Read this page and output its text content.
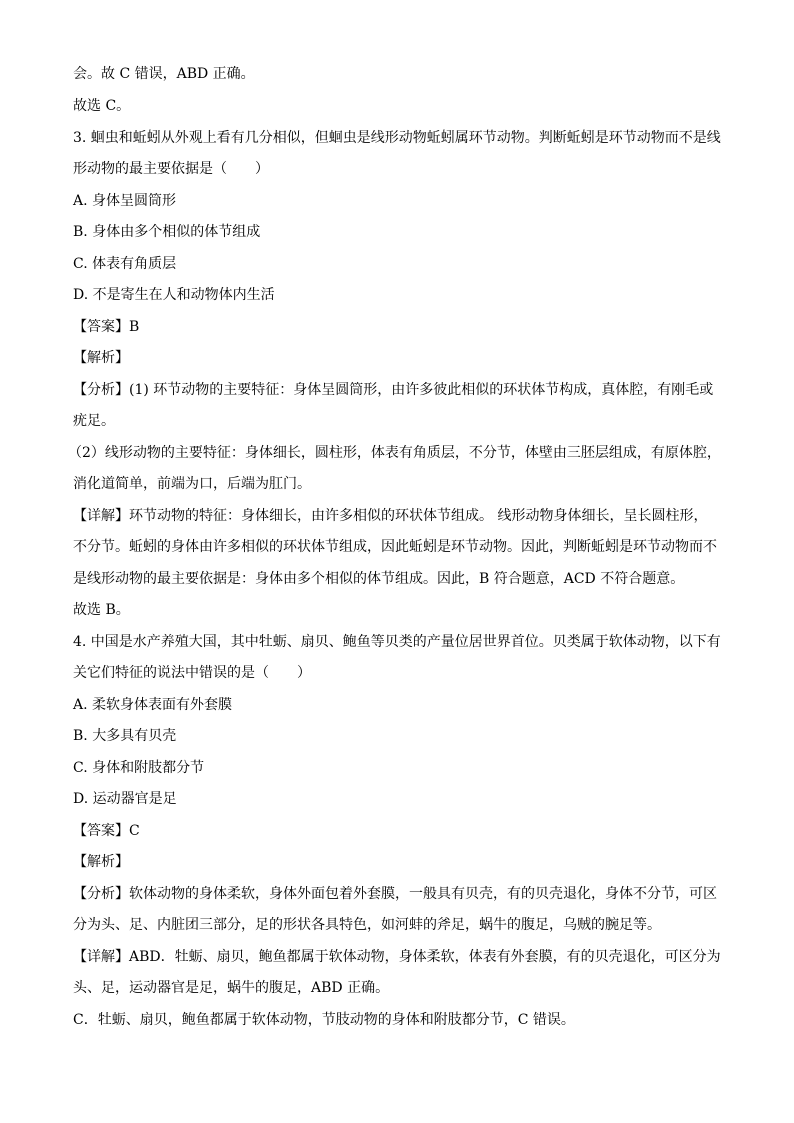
会。故 C 错误，ABD 正确。
故选 C。
3. 蛔虫和蚯蚓从外观上看有几分相似，但蛔虫是线形动物蚯蚓属环节动物。判断蚯蚓是环节动物而不是线
形动物的最主要依据是（　　）
A. 身体呈圆筒形
B. 身体由多个相似的体节组成
C. 体表有角质层
D. 不是寄生在人和动物体内生活
【答案】B
【解析】
【分析】(1) 环节动物的主要特征：身体呈圆筒形，由许多彼此相似的环状体节构成，真体腔，有刚毛或
疣足。
（2）线形动物的主要特征：身体细长，圆柱形，体表有角质层，不分节，体壁由三胚层组成，有原体腔，
消化道简单，前端为口，后端为肛门。
【详解】环节动物的特征：身体细长，由许多相似的环状体节组成。 线形动物身体细长，呈长圆柱形，
不分节。蚯蚓的身体由许多相似的环状体节组成，因此蚯蚓是环节动物。因此，判断蚯蚓是环节动物而不
是线形动物的最主要依据是：身体由多个相似的体节组成。因此，B 符合题意，ACD 不符合题意。
故选 B。
4. 中国是水产养殖大国，其中牡蛎、扇贝、鲍鱼等贝类的产量位居世界首位。贝类属于软体动物，以下有
关它们特征的说法中错误的是（　　）
A. 柔软身体表面有外套膜
B. 大多具有贝壳
C. 身体和附肢都分节
D. 运动器官是足
【答案】C
【解析】
【分析】软体动物的身体柔软，身体外面包着外套膜，一般具有贝壳，有的贝壳退化，身体不分节，可区
分为头、足、内脏团三部分，足的形状各具特色，如河蚌的斧足，蜗牛的腹足，乌贼的腕足等。
【详解】ABD．牡蛎、扇贝，鲍鱼都属于软体动物，身体柔软，体表有外套膜，有的贝壳退化，可区分为
头、足，运动器官是足，蜗牛的腹足，ABD 正确。
C．牡蛎、扇贝，鲍鱼都属于软体动物，节肢动物的身体和附肢都分节，C 错误。
